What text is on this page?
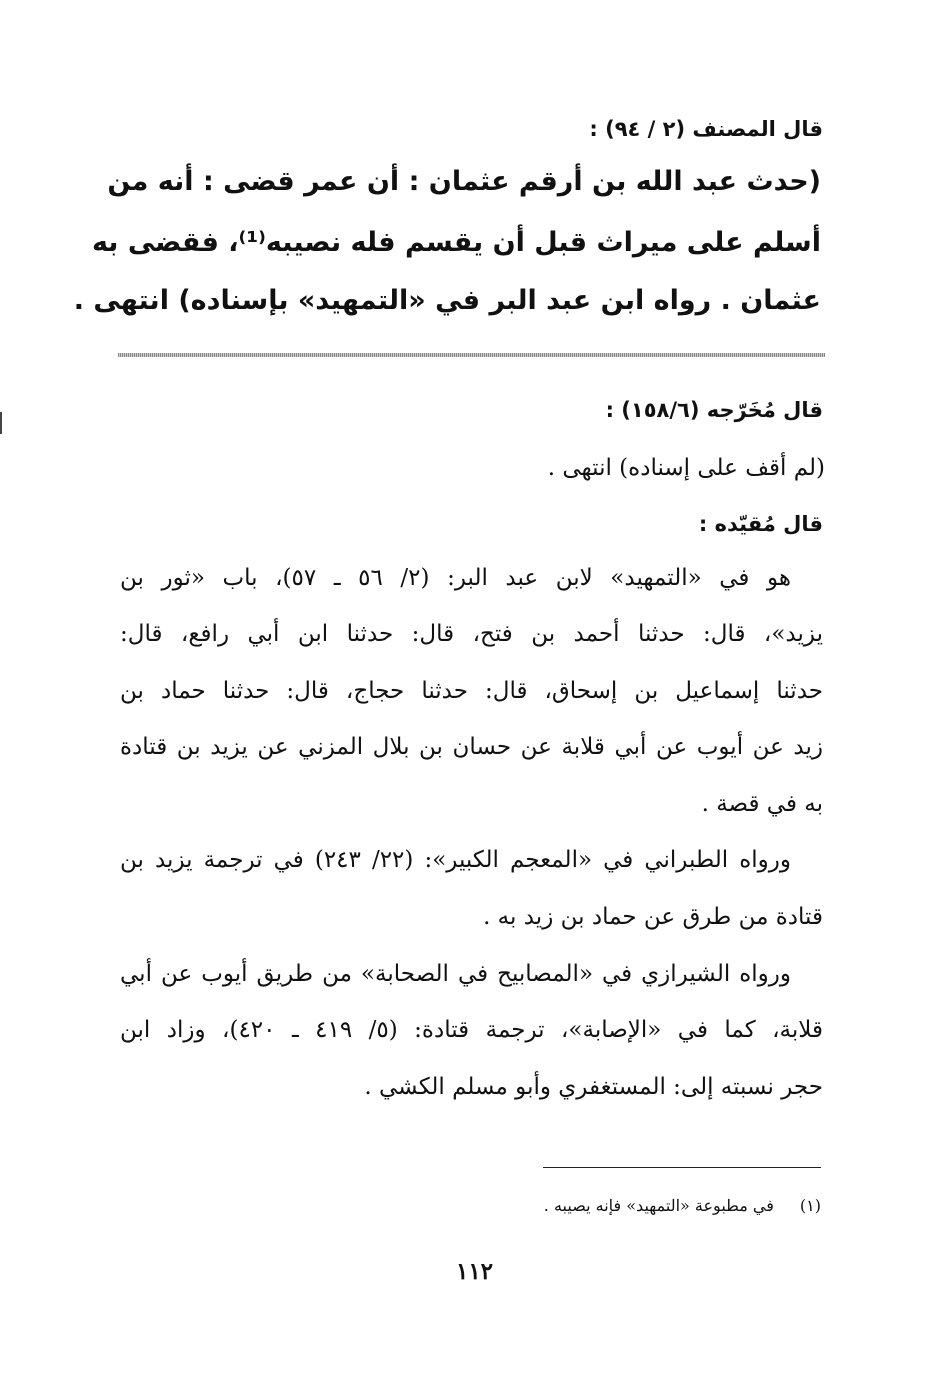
قال المصنف (٢ / ٩٤) :
(حدث عبد الله بن أرقم عثمان : أن عمر قضى : أنه من
أسلم على ميراث قبل أن يقسم فله نصيبه⁽¹⁾، فقضى به
عثمان . رواه ابن عبد البر في «التمهيد» بإسناده) انتهى .
قال مُخَرّجه (١٥٨/٦) :
(لم أقف على إسناده) انتهى .
قال مُقيّده :
هو في «التمهيد» لابن عبد البر: (٢/ ٥٦ ـ ٥٧)، باب «ثور بن
يزيد»، قال: حدثنا أحمد بن فتح، قال: حدثنا ابن أبي رافع، قال:
حدثنا إسماعيل بن إسحاق، قال: حدثنا حجاج، قال: حدثنا حماد بن
زيد عن أيوب عن أبي قلابة عن حسان بن بلال المزني عن يزيد بن قتادة
به في قصة .
ورواه الطبراني في «المعجم الكبير»: (٢٢/ ٢٤٣) في ترجمة يزيد بن
قتادة من طرق عن حماد بن زيد به .
ورواه الشيرازي في «المصابيح في الصحابة» من طريق أيوب عن أبي
قلابة، كما في «الإصابة»، ترجمة قتادة: (٥/ ٤١٩ ـ ٤٢٠)، وزاد ابن
حجر نسبته إلى: المستغفري وأبو مسلم الكشي .
(١)في مطبوعة «التمهيد» فإنه يصيبه .
١١٢
